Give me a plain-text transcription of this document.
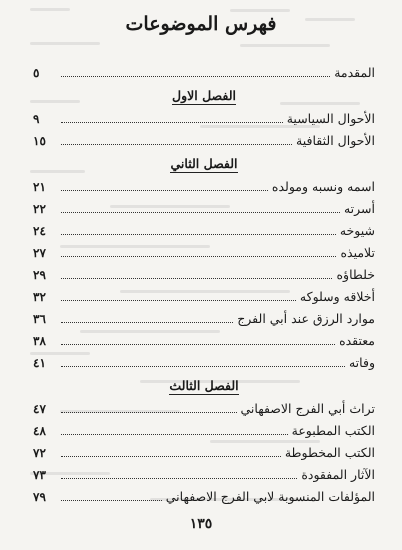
فهرس الموضوعات
المقدمة
٥
الفصل الاول
الأحوال السياسية
٩
الأحوال الثقافية
١٥
الفصل الثاني
اسمه ونسبه ومولده
٢١
أسرته
٢٢
شيوخه
٢٤
تلاميذه
٢٧
خلطاؤه
٢٩
أخلاقه وسلوكه
٣٢
موارد الرزق عند أبي الفرج
٣٦
معتقده
٣٨
وفاته
٤١
الفصل الثالث
تراث أبي الفرج الاصفهاني
٤٧
الكتب المطبوعة
٤٨
الكتب المخطوطة
٧٢
الآثار المفقودة
٧٣
المؤلفات المنسوبة لابي الفرج الاصفهاني
٧٩
١٣٥
